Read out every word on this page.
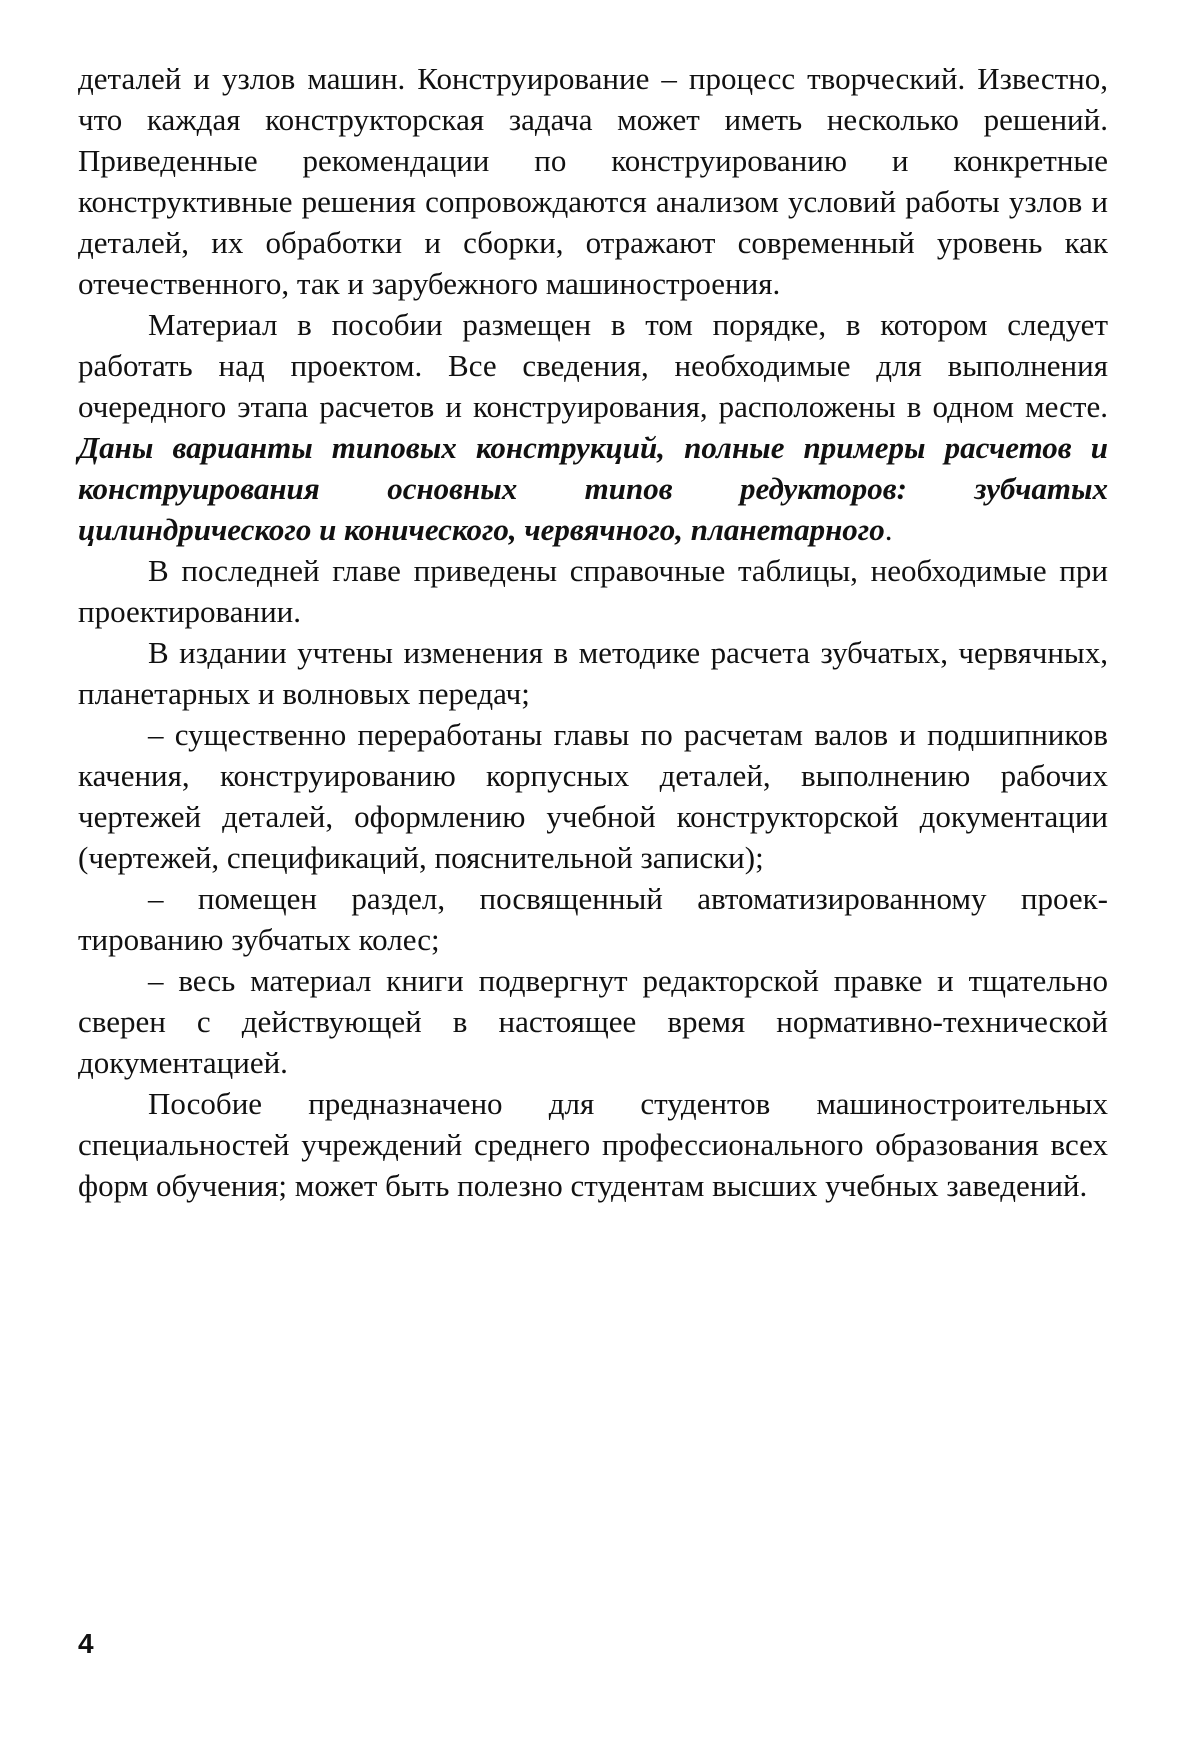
деталей и узлов машин. Конструирование – процесс творческий. Известно, что каждая конструкторская задача может иметь несколько решений. Приведенные рекомендации по конструированию и конкретные конструктивные решения сопровождаются анализом условий работы узлов и деталей, их обработки и сборки, отражают современный уровень как отечественного, так и зарубежного машиностроения.

Материал в пособии размещен в том порядке, в котором следует работать над проектом. Все сведения, необходимые для выполнения очередного этапа расчетов и конструирования, расположены в одном месте. Даны варианты типовых конструкций, полные примеры расчетов и конструирования основных типов редукторов: зубчатых цилиндрического и конического, червячного, планетарного.

В последней главе приведены справочные таблицы, необходимые при проектировании.

В издании учтены изменения в методике расчета зубчатых, червячных, планетарных и волновых передач;

– существенно переработаны главы по расчетам валов и подшипников качения, конструированию корпусных деталей, выполнению рабочих чертежей деталей, оформлению учебной конструкторской документации (чертежей, спецификаций, пояснительной записки);

– помещен раздел, посвященный автоматизированному проектированию зубчатых колес;

– весь материал книги подвергнут редакторской правке и тщательно сверен с действующей в настоящее время нормативно-технической документацией.

Пособие предназначено для студентов машиностроительных специальностей учреждений среднего профессионального образования всех форм обучения; может быть полезно студентам высших учебных заведений.

4
